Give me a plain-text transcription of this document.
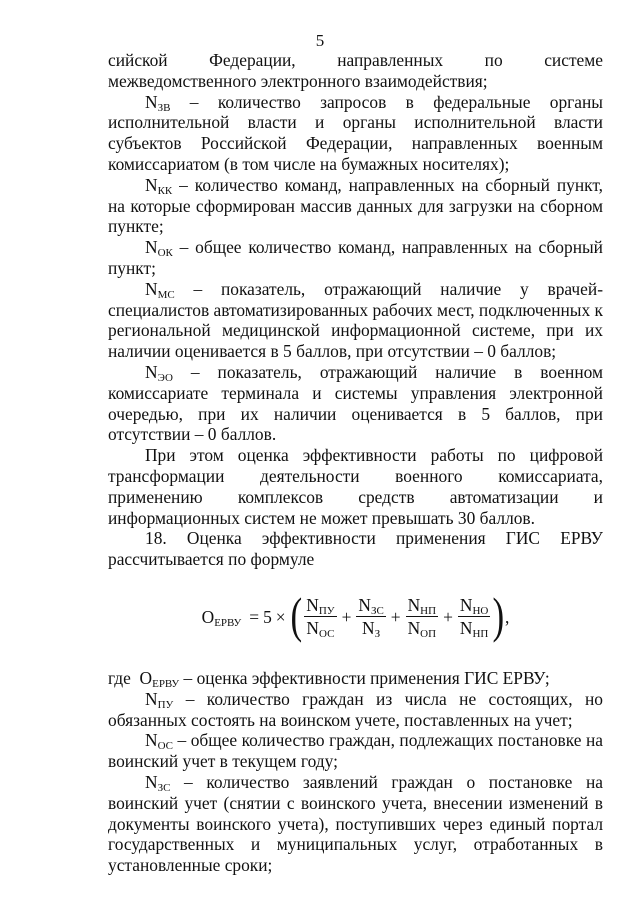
5

сийской Федерации, направленных по системе межведомственного электронного взаимодействия;

$N_{ЗВ}$ – количество запросов в федеральные органы исполнительной власти и органы исполнительной власти субъектов Российской Федерации, направленных военным комиссариатом (в том числе на бумажных носителях);

$N_{КК}$ – количество команд, направленных на сборный пункт, на которые сформирован массив данных для загрузки на сборном пункте;

$N_{ОК}$ – общее количество команд, направленных на сборный пункт;

$N_{МС}$ – показатель, отражающий наличие у врачей-специалистов автоматизированных рабочих мест, подключенных к региональной медицинской информационной системе, при их наличии оценивается в 5 баллов, при отсутствии – 0 баллов;

$N_{ЭО}$ – показатель, отражающий наличие в военном комиссариате терминала и системы управления электронной очередью, при их наличии оценивается в 5 баллов, при отсутствии – 0 баллов.

При этом оценка эффективности работы по цифровой трансформации деятельности военного комиссариата, применению комплексов средств автоматизации и информационных систем не может превышать 30 баллов.

18. Оценка эффективности применения ГИС ЕРВУ рассчитывается по формуле

$О_{ЕРВУ} = 5$ × ( $\frac{N_{ПУ}}{N_{ОС}} + \frac{N_{ЗС}}{N_З} + \frac{N_{НП}}{N_{ОП}} + \frac{N_{НО}}{N_{НП}}$ ) ,

где  $О_{ЕРВУ}$ – оценка эффективности применения ГИС ЕРВУ;

$N_{ПУ}$ – количество граждан из числа не состоящих, но обязанных состоять на воинском учете, поставленных на учет;

$N_{ОС}$ – общее количество граждан, подлежащих постановке на воинский учет в текущем году;

$N_{ЗС}$ – количество заявлений граждан о постановке на воинский учет (снятии с воинского учета, внесении изменений в документы воинского учета), поступивших через единый портал государственных и муниципальных услуг, отработанных в установленные сроки;
